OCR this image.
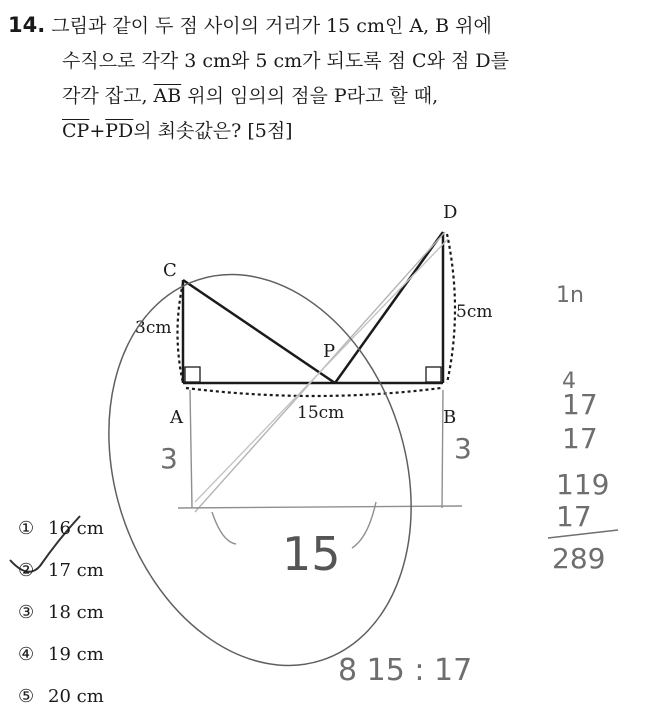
14. 그림과 같이 두 점 사이의 거리가 15 cm인 A, B 위에
수직으로 각각 3 cm와 5 cm가 되도록 점 C와 점 D를
각각 잡고, $\overline{AB}$ 위의 임의의 점을 P라고 할 때,
$\overline{CP}+\overline{PD}$의 최솟값은? [5점]
C
D
A	B
P
3cm
5cm
15cm
3	3
15
1n
4
17
17
119
17
289
8 15 : 17
① 16 cm
② 17 cm
③ 18 cm
④ 19 cm
⑤ 20 cm
